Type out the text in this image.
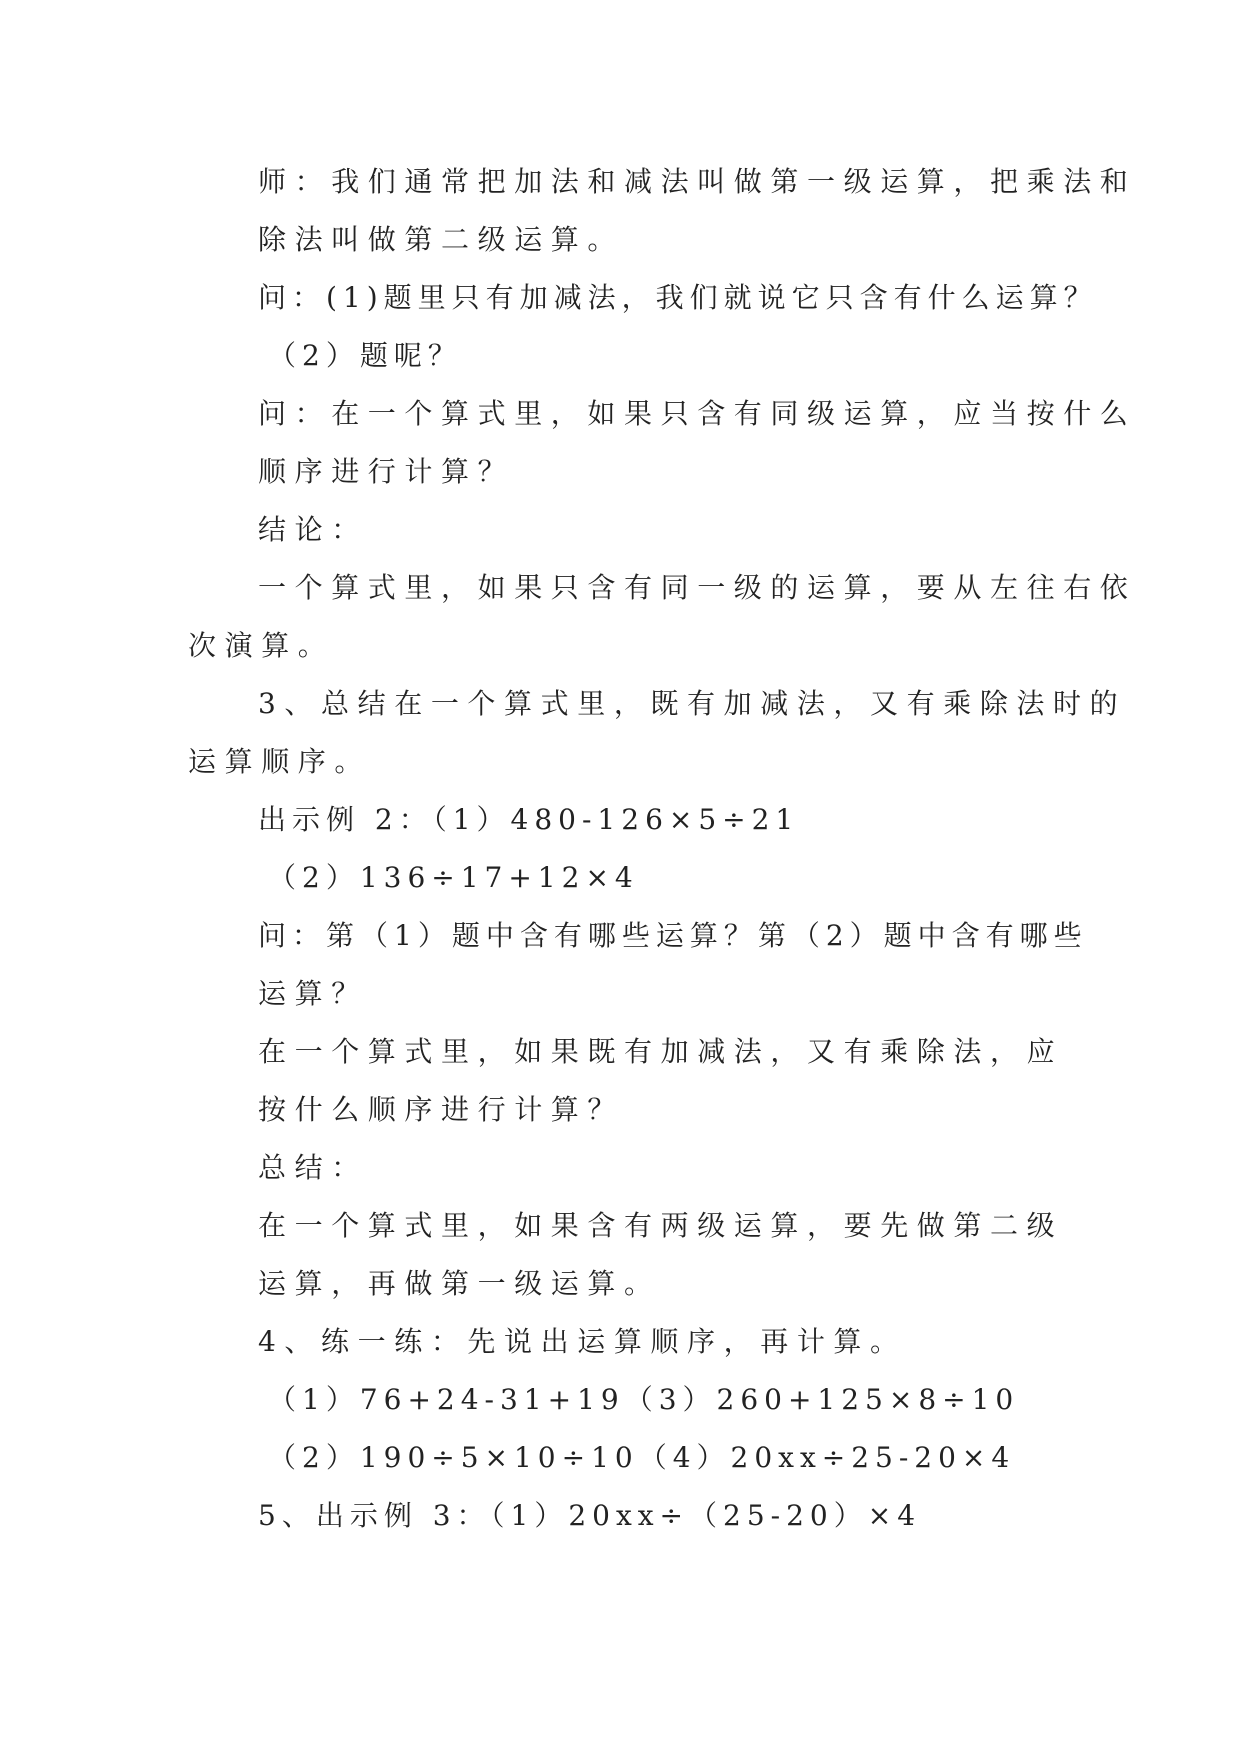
师：我们通常把加法和减法叫做第一级运算，把乘法和
除法叫做第二级运算。
问：(1)题里只有加减法，我们就说它只含有什么运算？
（2）题呢？
问：在一个算式里，如果只含有同级运算，应当按什么
顺序进行计算？
结论：
一个算式里，如果只含有同一级的运算，要从左往右依
次演算。
3、总结在一个算式里，既有加减法，又有乘除法时的
运算顺序。
出示例 2：（1）480-126×5÷21
（2）136÷17+12×4
问：第（1）题中含有哪些运算？第（2）题中含有哪些
运算？
在一个算式里，如果既有加减法，又有乘除法，应
按什么顺序进行计算？
总结：
在一个算式里，如果含有两级运算，要先做第二级
运算，再做第一级运算。
4、练一练：先说出运算顺序，再计算。
（1）76+24-31+19（3）260+125×8÷10
（2）190÷5×10÷10（4）20xx÷25-20×4
5、出示例 3：（1）20xx÷（25-20）×4
